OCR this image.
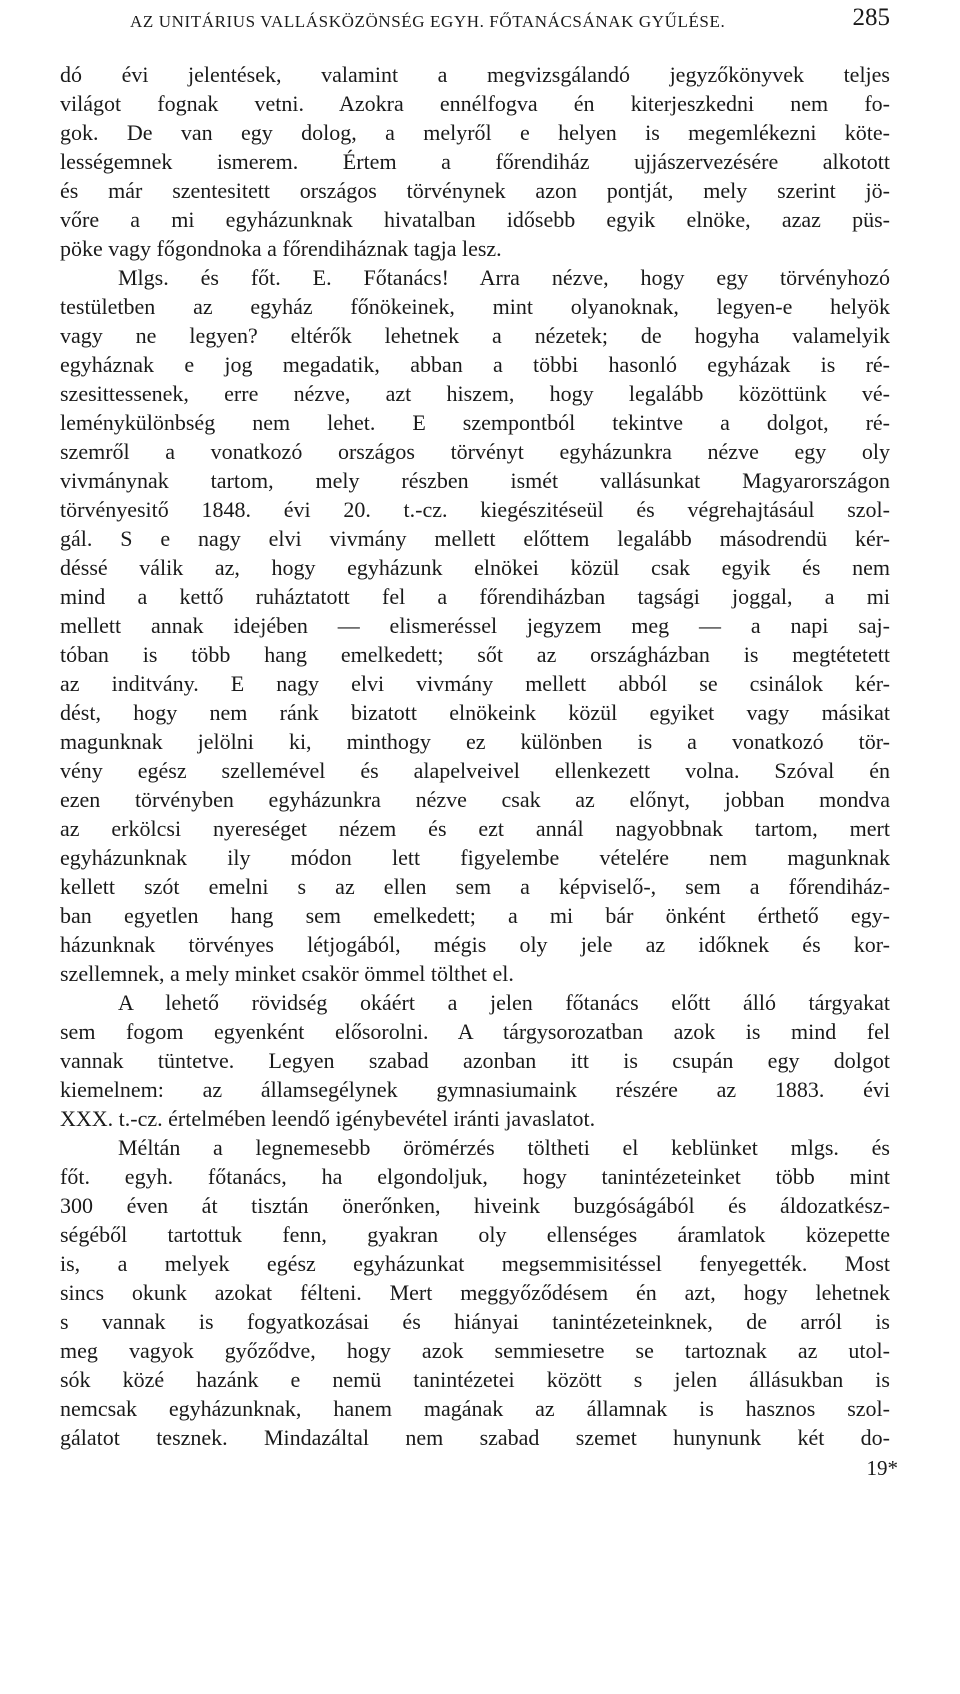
AZ UNITÁRIUS VALLÁSKÖZÖNSÉG EGYH. FŐTANÁCSÁNAK GYŰLÉSE.	285
dó évi jelentések, valamint a megvizsgálandó jegyzőkönyvek teljes
világot fognak vetni. Azokra ennélfogva én kiterjeszkedni nem fo-
gok. De van egy dolog, a melyről e helyen is megemlékezni köte-
lességemnek ismerem. Értem a főrendiház ujjászervezésére alkotott
és már szentesitett országos törvénynek azon pontját, mely szerint jö-
vőre a mi egyházunknak hivatalban idősebb egyik elnöke, azaz püs-
pöke vagy főgondnoka a főrendiháznak tagja lesz.
Mlgs. és főt. E. Főtanács! Arra nézve, hogy egy törvényhozó
testületben az egyház főnökeinek, mint olyanoknak, legyen-e helyök
vagy ne legyen? eltérők lehetnek a nézetek; de hogyha valamelyik
egyháznak e jog megadatik, abban a többi hasonló egyházak is ré-
szesittessenek, erre nézve, azt hiszem, hogy legalább közöttünk vé-
leménykülönbség nem lehet. E szempontból tekintve a dolgot, ré-
szemről a vonatkozó országos törvényt egyházunkra nézve egy oly
vivmánynak tartom, mely részben ismét vallásunkat Magyarországon
törvényesitő 1848. évi 20. t.-cz. kiegészitéseül és végrehajtásául szol-
gál. S e nagy elvi vivmány mellett előttem legalább másodrendü kér-
déssé válik az, hogy egyházunk elnökei közül csak egyik és nem
mind a kettő ruháztatott fel a főrendiházban tagsági joggal, a mi
mellett annak idejében — elismeréssel jegyzem meg — a napi saj-
tóban is több hang emelkedett; sőt az országházban is megtétetett
az inditvány. E nagy elvi vivmány mellett abból se csinálok kér-
dést, hogy nem ránk bizatott elnökeink közül egyiket vagy másikat
magunknak jelölni ki, minthogy ez különben is a vonatkozó tör-
vény egész szellemével és alapelveivel ellenkezett volna. Szóval én
ezen törvényben egyházunkra nézve csak az előnyt, jobban mondva
az erkölcsi nyereséget nézem és ezt annál nagyobbnak tartom, mert
egyházunknak ily módon lett figyelembe vételére nem magunknak
kellett szót emelni s az ellen sem a képviselő-, sem a főrendiház-
ban egyetlen hang sem emelkedett; a mi bár önként érthető egy-
házunknak törvényes létjogából, mégis oly jele az időknek és kor-
szellemnek, a mely minket csakör ömmel tölthet el.
A lehető rövidség okáért a jelen főtanács előtt álló tárgyakat
sem fogom egyenként elősorolni. A tárgysorozatban azok is mind fel
vannak tüntetve. Legyen szabad azonban itt is csupán egy dolgot
kiemelnem: az államsegélynek gymnasiumaink részére az 1883. évi
XXX. t.-cz. értelmében leendő igénybevétel iránti javaslatot.
Méltán a legnemesebb örömérzés töltheti el keblünket mlgs. és
főt. egyh. főtanács, ha elgondoljuk, hogy tanintézeteinket több mint
300 éven át tisztán önerőnken, hiveink buzgóságából és áldozatkész-
ségéből tartottuk fenn, gyakran oly ellenséges áramlatok közepette
is, a melyek egész egyházunkat megsemmisitéssel fenyegették. Most
sincs okunk azokat félteni. Mert meggyőződésem én azt, hogy lehetnek
s vannak is fogyatkozásai és hiányai tanintézeteinknek, de arról is
meg vagyok győződve, hogy azok semmiesetre se tartoznak az utol-
sók közé hazánk e nemü tanintézetei között s jelen állásukban is
nemcsak egyházunknak, hanem magának az államnak is hasznos szol-
gálatot tesznek. Mindazáltal nem szabad szemet hunynunk két do-
19*
